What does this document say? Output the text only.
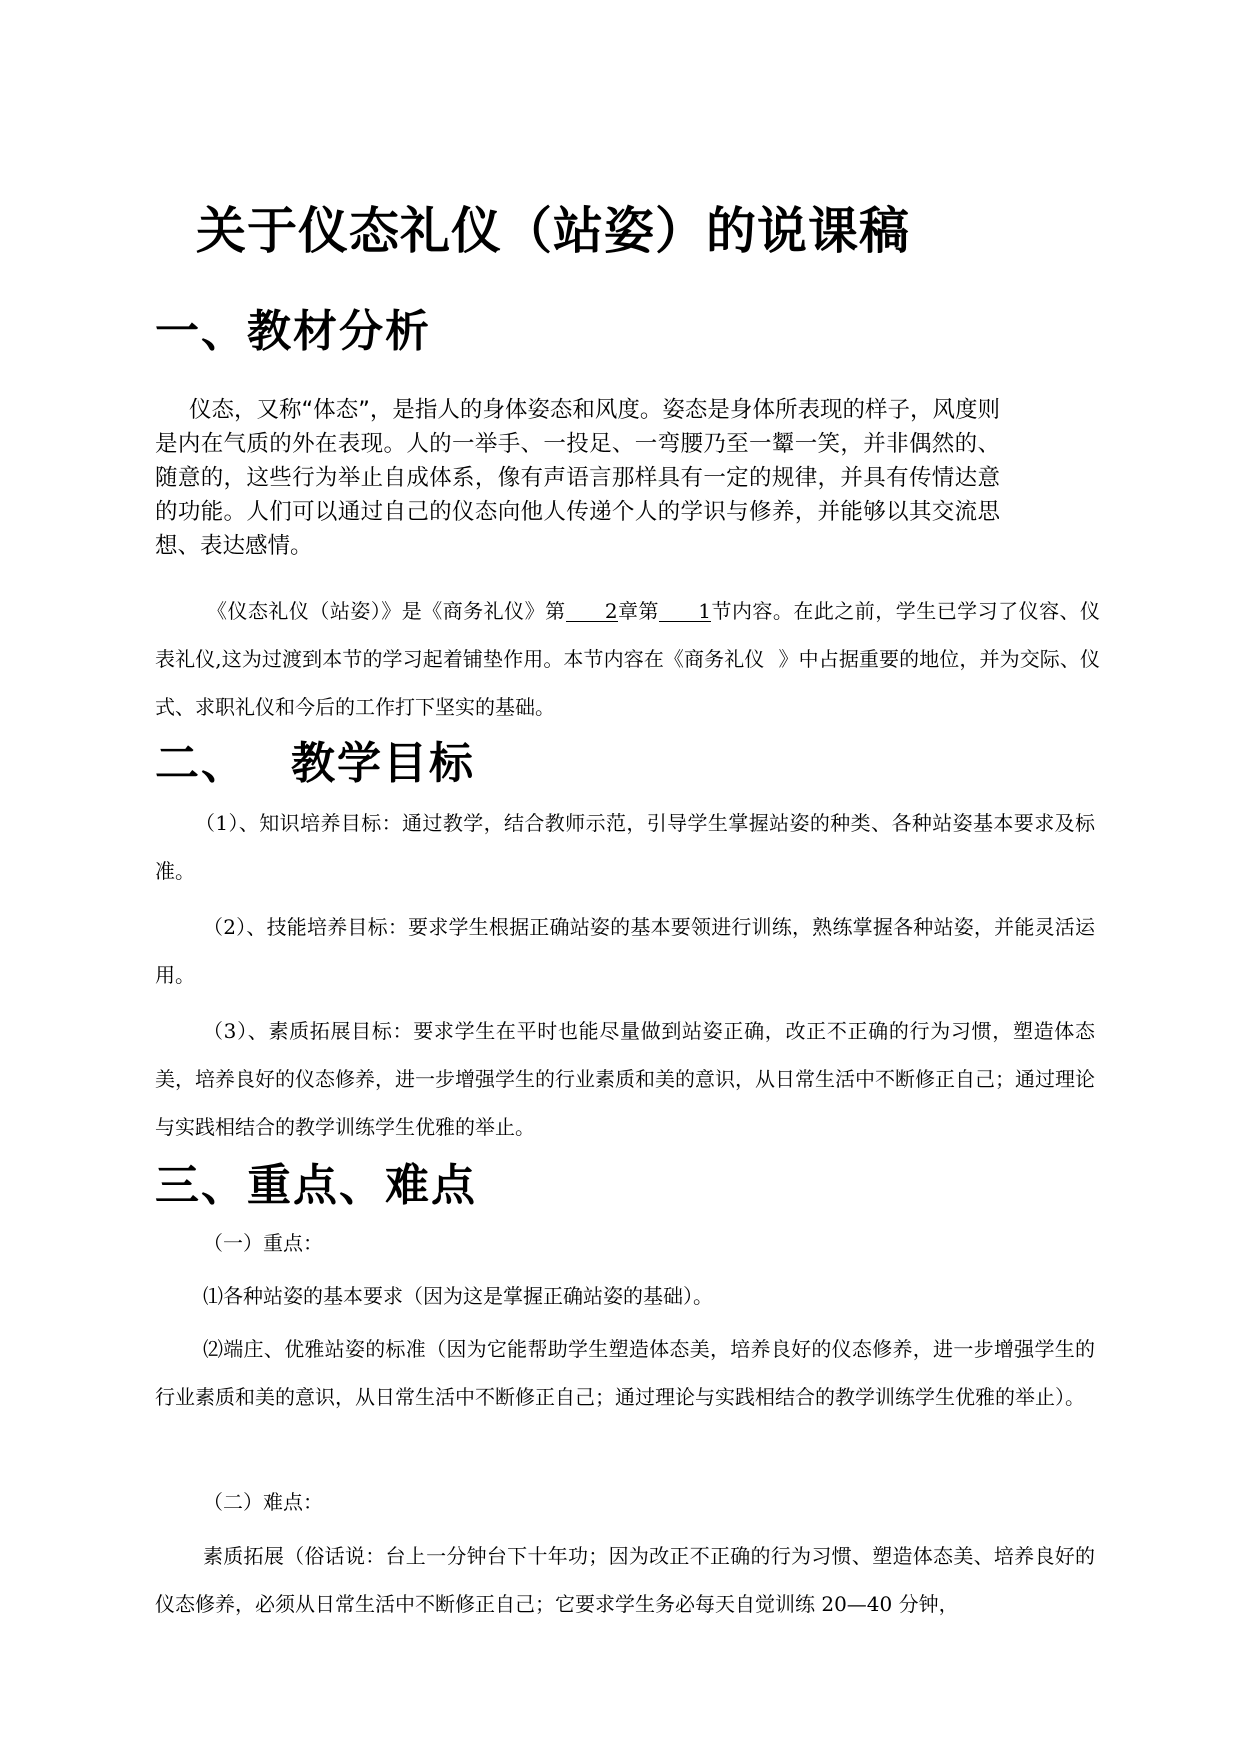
关于仪态礼仪（站姿）的说课稿
一、教材分析

仪态，又称“体态”，是指人的身体姿态和风度。姿态是身体所表现的样子，风度则是内在气质的外在表现。人的一举手、一投足、一弯腰乃至一颦一笑，并非偶然的、随意的，这些行为举止自成体系，像有声语言那样具有一定的规律，并具有传情达意的功能。人们可以通过自己的仪态向他人传递个人的学识与修养，并能够以其交流思想、表达感情。

《仪态礼仪（站姿）》是《商务礼仪》第 2章第 1节内容。在此之前，学生已学习了仪容、仪表礼仪,这为过渡到本节的学习起着铺垫作用。本节内容在《商务礼仪 》中占据重要的地位，并为交际、仪式、求职礼仪和今后的工作打下坚实的基础。

二、 教学目标

（1）、知识培养目标：通过教学，结合教师示范，引导学生掌握站姿的种类、各种站姿基本要求及标准。

（2）、技能培养目标：要求学生根据正确站姿的基本要领进行训练，熟练掌握各种站姿，并能灵活运用。

（3）、素质拓展目标：要求学生在平时也能尽量做到站姿正确，改正不正确的行为习惯，塑造体态美，培养良好的仪态修养，进一步增强学生的行业素质和美的意识，从日常生活中不断修正自己；通过理论与实践相结合的教学训练学生优雅的举止。

三、重点、难点

（一）重点：

⑴各种站姿的基本要求（因为这是掌握正确站姿的基础）。

⑵端庄、优雅站姿的标准（因为它能帮助学生塑造体态美，培养良好的仪态修养，进一步增强学生的行业素质和美的意识，从日常生活中不断修正自己；通过理论与实践相结合的教学训练学生优雅的举止）。

（二）难点：

素质拓展（俗话说：台上一分钟台下十年功；因为改正不正确的行为习惯、塑造体态美、培养良好的仪态修养，必须从日常生活中不断修正自己；它要求学生务必每天自觉训练 20—40 分钟，
